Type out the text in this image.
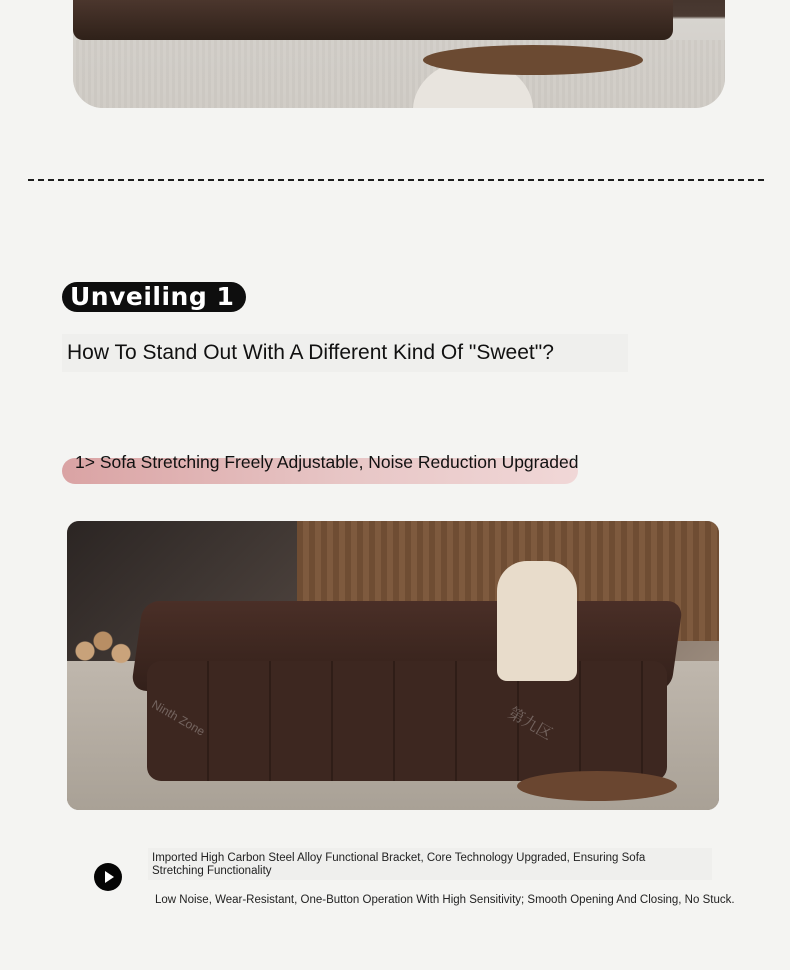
Unveiling 1
How To Stand Out With A Different Kind Of "Sweet"?
1> Sofa Stretching Freely Adjustable, Noise Reduction Upgraded
Ninth Zone	第九区
Imported High Carbon Steel Alloy Functional Bracket, Core Technology Upgraded, Ensuring Sofa Stretching Functionality
Low Noise, Wear-Resistant, One-Button Operation With High Sensitivity; Smooth Opening And Closing, No Stuck.
